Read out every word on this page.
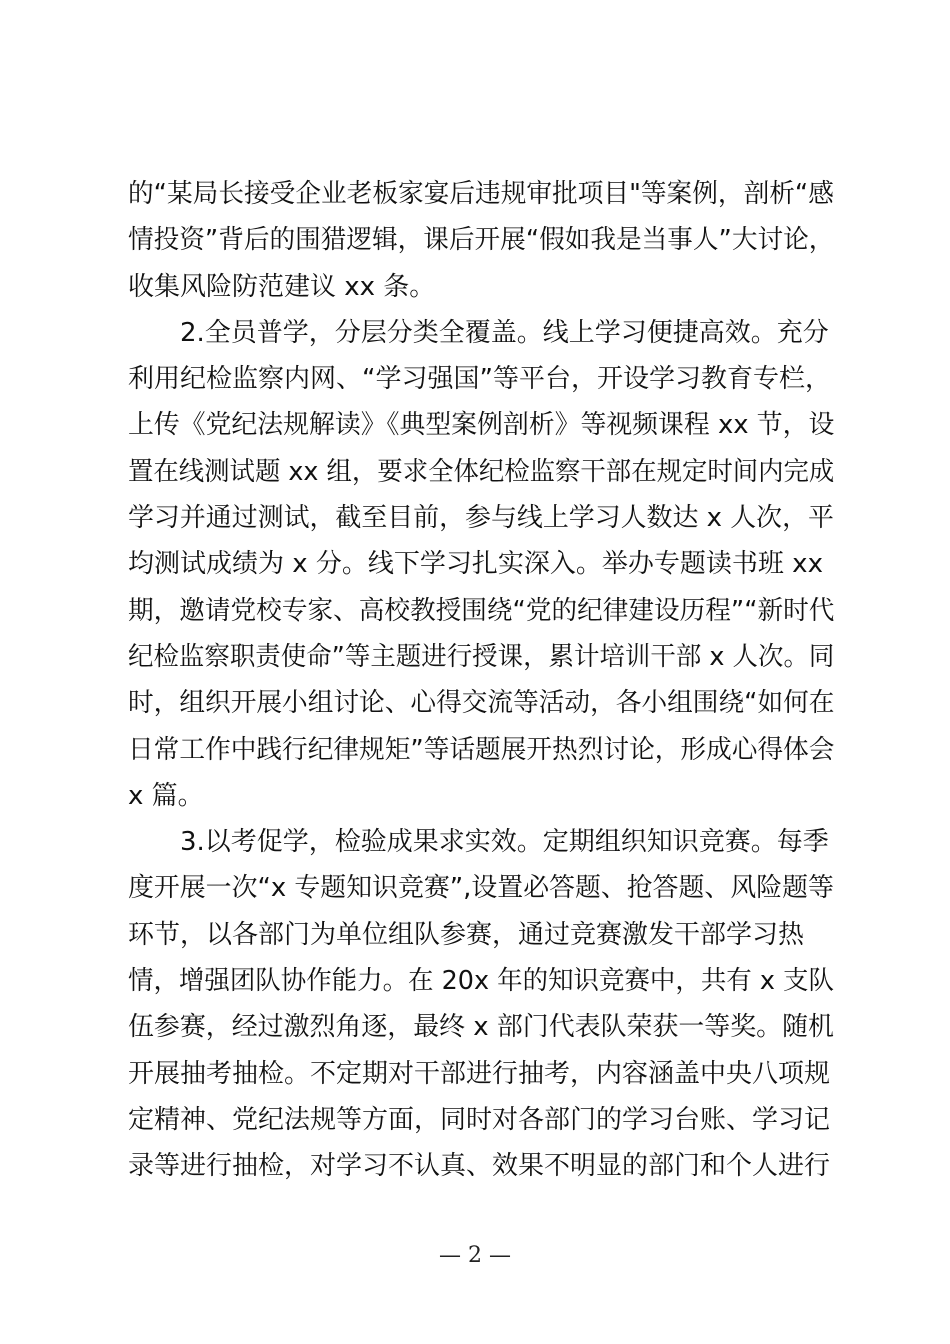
的“某局长接受企业老板家宴后违规审批项目"等案例，剖析“感
情投资”背后的围猎逻辑，课后开展“假如我是当事人”大讨论，
收集风险防范建议 xx 条。
2.全员普学，分层分类全覆盖。线上学习便捷高效。充分
利用纪检监察内网、“学习强国”等平台，开设学习教育专栏，
上传《党纪法规解读》《典型案例剖析》等视频课程 xx 节，设
置在线测试题 xx 组，要求全体纪检监察干部在规定时间内完成
学习并通过测试，截至目前，参与线上学习人数达 x 人次，平
均测试成绩为 x 分。线下学习扎实深入。举办专题读书班 xx
期，邀请党校专家、高校教授围绕“党的纪律建设历程”“新时代
纪检监察职责使命”等主题进行授课，累计培训干部 x 人次。同
时，组织开展小组讨论、心得交流等活动，各小组围绕“如何在
日常工作中践行纪律规矩”等话题展开热烈讨论，形成心得体会
x 篇。
3.以考促学，检验成果求实效。定期组织知识竞赛。每季
度开展一次“x 专题知识竞赛”,设置必答题、抢答题、风险题等
环节，以各部门为单位组队参赛，通过竞赛激发干部学习热
情，增强团队协作能力。在 20x 年的知识竞赛中，共有 x 支队
伍参赛，经过激烈角逐，最终 x 部门代表队荣获一等奖。随机
开展抽考抽检。不定期对干部进行抽考，内容涵盖中央八项规
定精神、党纪法规等方面，同时对各部门的学习台账、学习记
录等进行抽检，对学习不认真、效果不明显的部门和个人进行
— 2 —
